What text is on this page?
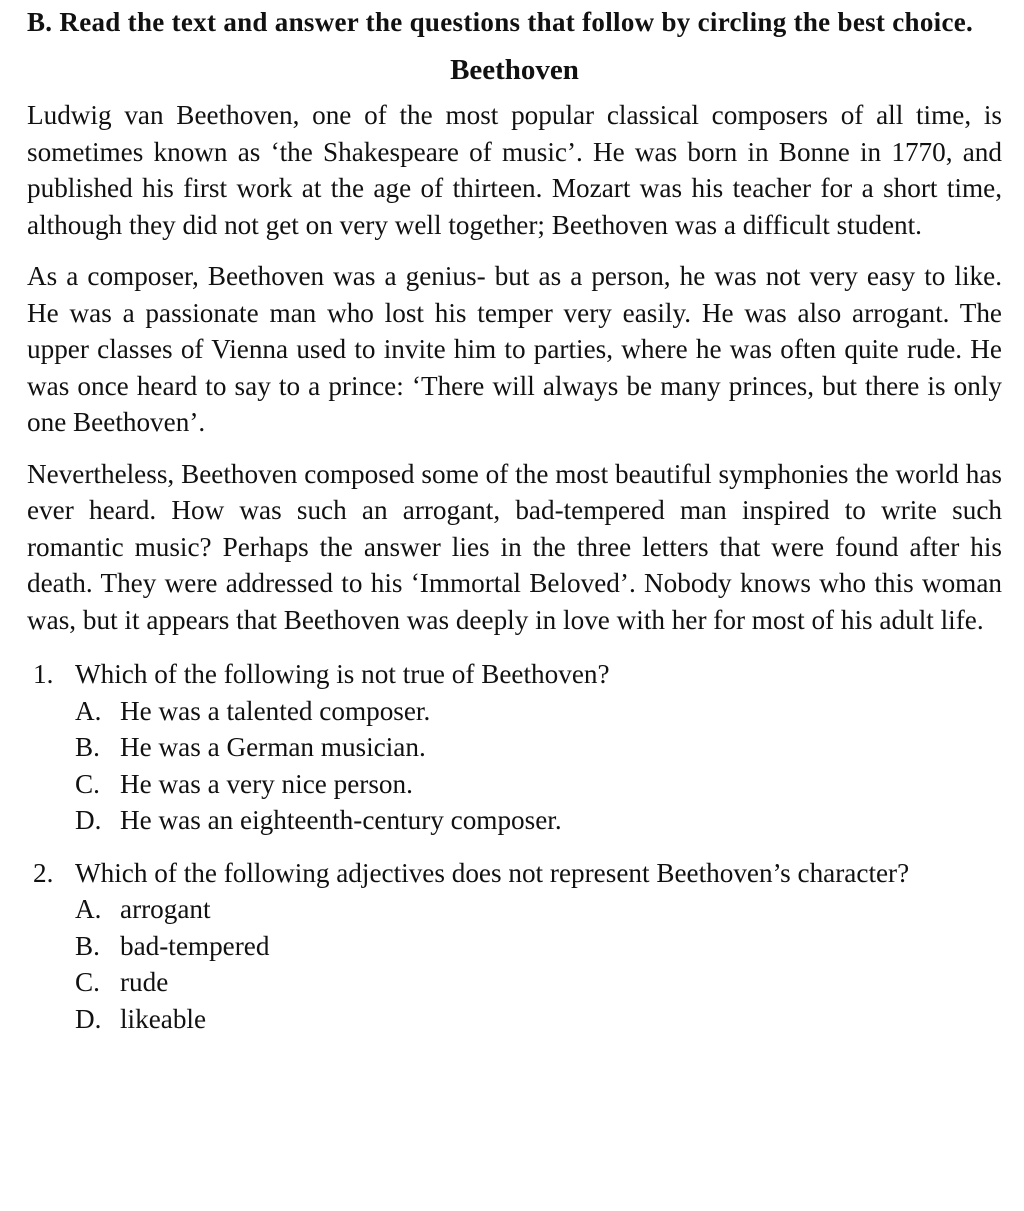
B. Read the text and answer the questions that follow by circling the best choice.

Beethoven

Ludwig van Beethoven, one of the most popular classical composers of all time, is sometimes known as ‘the Shakespeare of music’. He was born in Bonne in 1770, and published his first work at the age of thirteen. Mozart was his teacher for a short time, although they did not get on very well together; Beethoven was a difficult student.

As a composer, Beethoven was a genius- but as a person, he was not very easy to like. He was a passionate man who lost his temper very easily. He was also arrogant. The upper classes of Vienna used to invite him to parties, where he was often quite rude. He was once heard to say to a prince: ‘There will always be many princes, but there is only one Beethoven’.

Nevertheless, Beethoven composed some of the most beautiful symphonies the world has ever heard. How was such an arrogant, bad-tempered man inspired to write such romantic music? Perhaps the answer lies in the three letters that were found after his death. They were addressed to his ‘Immortal Beloved’. Nobody knows who this woman was, but it appears that Beethoven was deeply in love with her for most of his adult life.

1. Which of the following is not true of Beethoven?

A. He was a talented composer.
B. He was a German musician.
C. He was a very nice person.
D. He was an eighteenth-century composer.
2. Which of the following adjectives does not represent Beethoven’s character?

A. arrogant
B. bad-tempered
C. rude
D. likeable
